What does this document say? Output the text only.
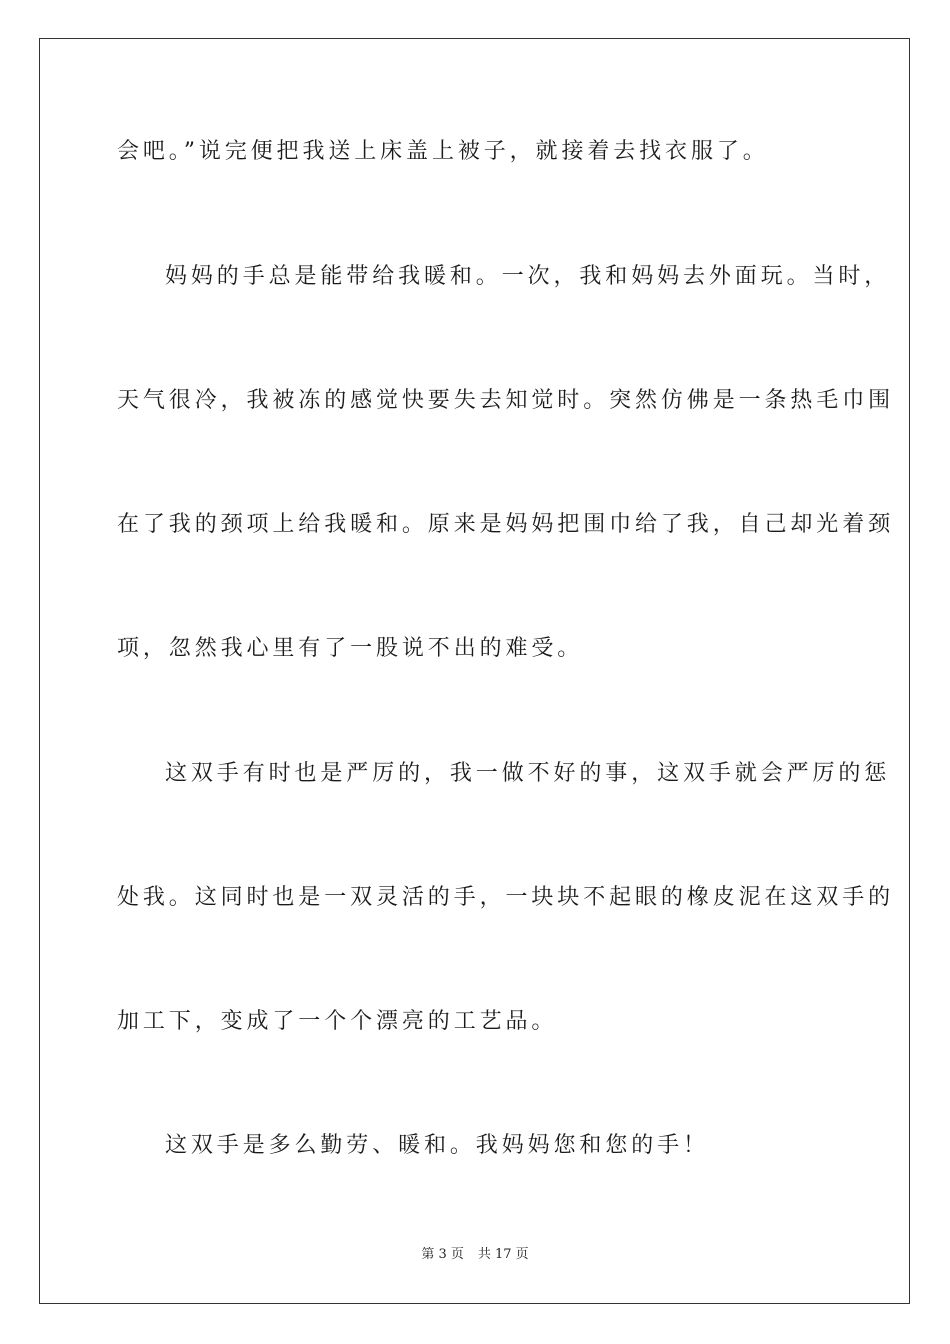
会吧。”说完便把我送上床盖上被子，就接着去找衣服了。
妈妈的手总是能带给我暖和。一次，我和妈妈去外面玩。当时，
天气很冷，我被冻的感觉快要失去知觉时。突然仿佛是一条热毛巾围
在了我的颈项上给我暖和。原来是妈妈把围巾给了我，自己却光着颈
项，忽然我心里有了一股说不出的难受。
这双手有时也是严厉的，我一做不好的事，这双手就会严厉的惩
处我。这同时也是一双灵活的手，一块块不起眼的橡皮泥在这双手的
加工下，变成了一个个漂亮的工艺品。
这双手是多么勤劳、暖和。我妈妈您和您的手！
第 3 页 共 17 页
